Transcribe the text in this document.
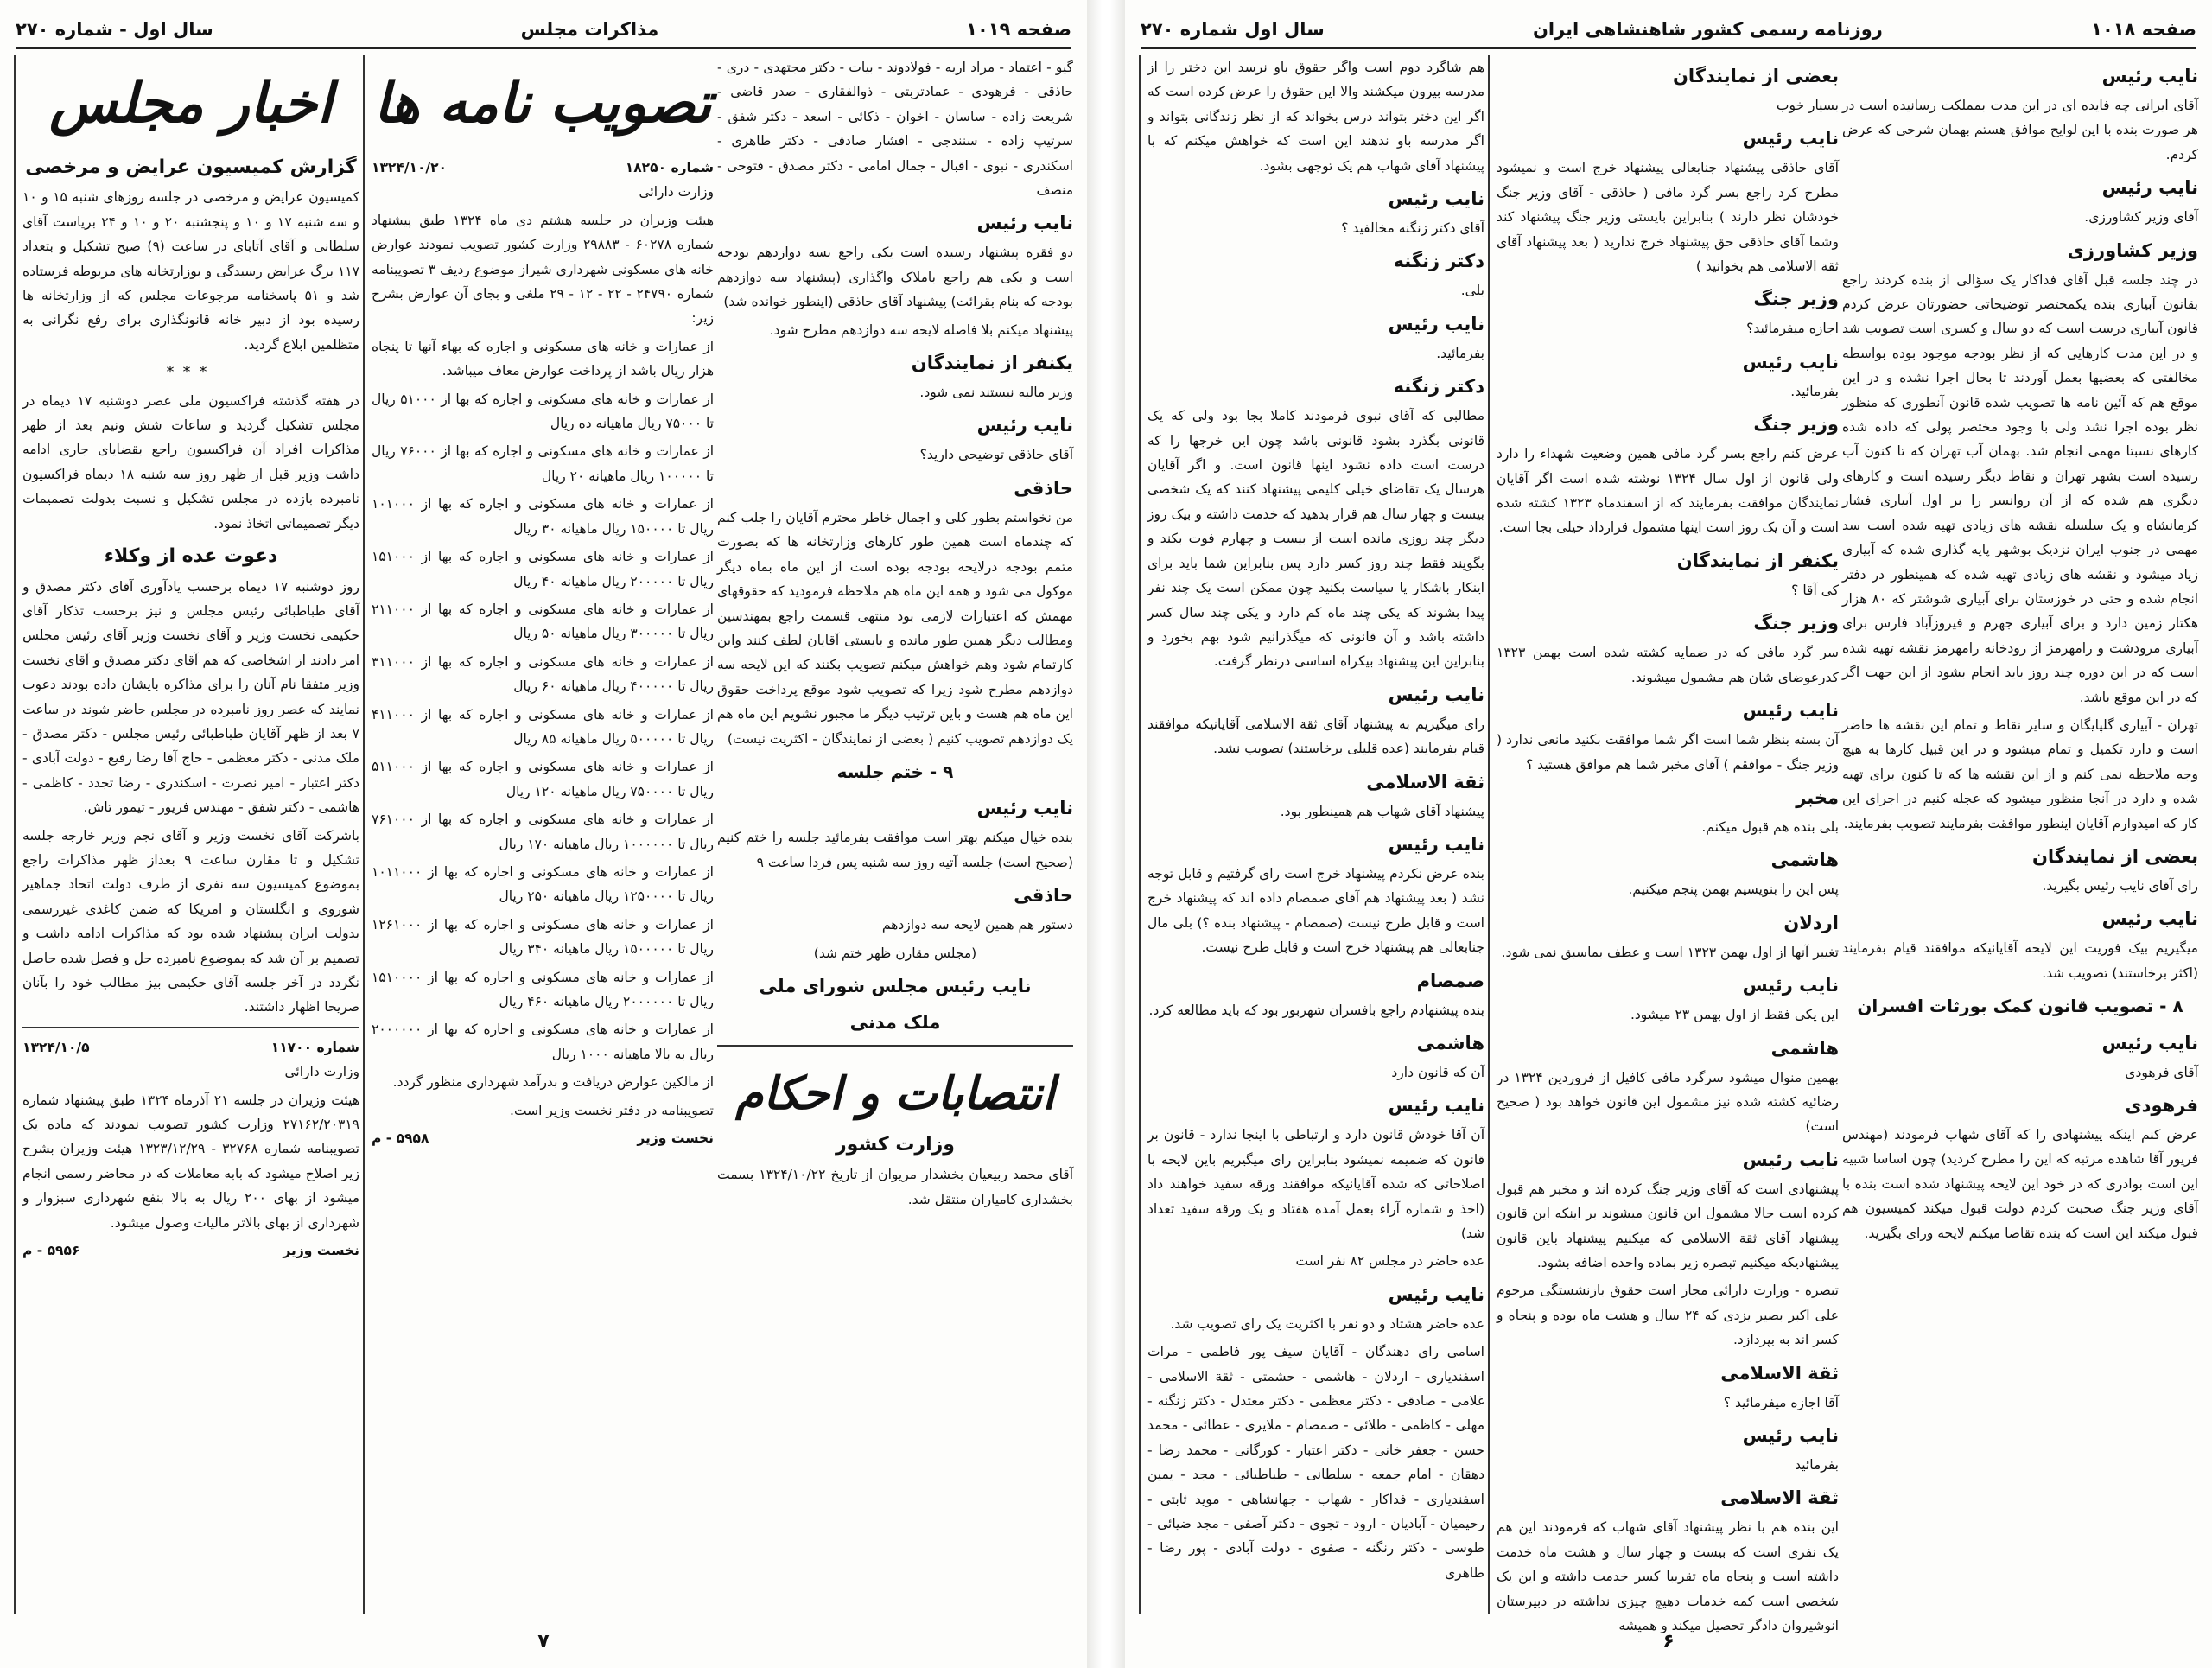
صفحه ۱۰۱۹
مذاکرات مجلس
سال اول - شماره ۲۷۰
اخبار مجلس

گزارش کمیسیون عرایض و مرخصی

کمیسیون عرایض و مرخصی در جلسه روزهای شنبه ۱۵ و ۱۰ و سه شنبه ۱۷ و ۱۰ و پنجشنبه ۲۰ و ۱۰ و ۲۴ بریاست آقای سلطانی و آقای آتابای در ساعت (۹) صبح تشکیل و بتعداد ۱۱۷ برگ عرایض رسیدگی و بوزارتخانه های مربوطه فرستاده شد و ۵۱ پاسخنامه مرجوعات مجلس که از وزارتخانه ها رسیده بود از دبیر خانه قانونگذاری برای رفع نگرانی به متظلمین ابلاغ گردید.

***

در هفته گذشته فراکسیون ملی عصر دوشنبه ۱۷ دیماه در مجلس تشکیل گردید و ساعات شش ونیم بعد از ظهر مذاکرات افراد آن فراکسیون راجع بقضایای جاری ادامه داشت وزیر قبل از ظهر روز سه شنبه ۱۸ دیماه فراکسیون نامبرده بازده در مجلس تشکیل و نسبت بدولت تصمیمات دیگر تصمیماتی اتخاذ نمود.

دعوت عده از وکلاء

روز دوشنبه ۱۷ دیماه برحسب یادآوری آقای دکتر مصدق و آقای طباطبائی رئیس مجلس و نیز برحسب تذکار آقای حکیمی نخست وزیر و آقای نخست وزیر آقای رئیس مجلس امر دادند از اشخاصی که هم آقای دکتر مصدق و آقای نخست وزیر متفقا نام آنان را برای مذاکره بایشان داده بودند دعوت نمایند که عصر روز نامبرده در مجلس حاضر شوند در ساعت ۷ بعد از ظهر آقایان طباطبائی رئیس مجلس - دکتر مصدق - ملک مدنی - دکتر معظمی - حاج آقا رضا رفیع - دولت آبادی - دکتر اعتبار - امیر نصرت - اسکندری - رضا تجدد - کاظمی - هاشمی - دکتر شفق - مهندس فریور - تیمور تاش.

باشرکت آقای نخست وزیر و آقای نجم وزیر خارجه جلسه تشکیل و تا مقارن ساعت ۹ بعداز ظهر مذاکرات راجع بموضوع کمیسیون سه نفری از طرف دولت اتحاد جماهیر شوروی و انگلستان و امریکا که ضمن کاغذی غیررسمی بدولت ایران پیشنهاد شده بود که مذاکرات ادامه داشت و تصمیم بر آن شد که بموضوع نامبرده حل و فصل شده حاصل نگردد در آخر جلسه آقای حکیمی بیز مطالب خود را بآنان صریحا اظهار داشتند.

شماره ۱۱۷۰۰
۱۳۲۴/۱۰/۵

وزارت دارائی

هیئت وزیران در جلسه ۲۱ آذرماه ۱۳۲۴ طبق پیشنهاد شماره ۲۷۱۶۲/۲۰۳۱۹ وزارت کشور تصویب نمودند که ماده یک تصویبنامه شماره ۳۲۷۶۸ - ۱۳۲۳/۱۲/۲۹ هیئت وزیران بشرح زیر اصلاح میشود که بابه معاملات که در محاضر رسمی انجام میشود از بهای ۲۰۰ ریال به بالا بنفع شهرداری سبزوار و شهرداری از بهای بالاتر مالیات وصول میشود.

نخست وزیر
۵۹۵۶ - م
تصویب نامه ها
شماره ۱۸۲۵۰
۱۳۲۴/۱۰/۲۰

وزارت دارائی

هیئت وزیران در جلسه هشتم دی ماه ۱۳۲۴ طبق پیشنهاد شماره ۶۰۲۷۸ - ۲۹۸۸۳ وزارت کشور تصویب نمودند عوارض خانه های مسکونی شهرداری شیراز موضوع ردیف ۳ تصویبنامه شماره ۲۴۷۹۰ - ۲۲ - ۱۲ - ۲۹ ملغی و بجای آن عوارض بشرح زیر:

از عمارات و خانه های مسکونی و اجاره که بهاء آنها تا پنجاه هزار ریال باشد از پرداخت عوارض معاف میباشد.

از عمارات و خانه های مسکونی و اجاره که بها از ۵۱۰۰۰ ریال تا ۷۵۰۰۰ ریال ماهیانه ده ریال

از عمارات و خانه های مسکونی و اجاره که بها از ۷۶۰۰۰ ریال تا ۱۰۰۰۰۰ ریال ماهیانه ۲۰ ریال

از عمارات و خانه های مسکونی و اجاره که بها از ۱۰۱۰۰۰ ریال تا ۱۵۰۰۰۰ ریال ماهیانه ۳۰ ریال

از عمارات و خانه های مسکونی و اجاره که بها از ۱۵۱۰۰۰ ریال تا ۲۰۰۰۰۰ ریال ماهیانه ۴۰ ریال

از عمارات و خانه های مسکونی و اجاره که بها از ۲۱۱۰۰۰ ریال تا ۳۰۰۰۰۰ ریال ماهیانه ۵۰ ریال

از عمارات و خانه های مسکونی و اجاره که بها از ۳۱۱۰۰۰ ریال تا ۴۰۰۰۰۰ ریال ماهیانه ۶۰ ریال

از عمارات و خانه های مسکونی و اجاره که بها از ۴۱۱۰۰۰ ریال تا ۵۰۰۰۰۰ ریال ماهیانه ۸۵ ریال

از عمارات و خانه های مسکونی و اجاره که بها از ۵۱۱۰۰۰ ریال تا ۷۵۰۰۰۰ ریال ماهیانه ۱۲۰ ریال

از عمارات و خانه های مسکونی و اجاره که بها از ۷۶۱۰۰۰ ریال تا ۱۰۰۰۰۰۰ ریال ماهیانه ۱۷۰ ریال

از عمارات و خانه های مسکونی و اجاره که بها از ۱۰۱۱۰۰۰ ریال تا ۱۲۵۰۰۰۰ ریال ماهیانه ۲۵۰ ریال

از عمارات و خانه های مسکونی و اجاره که بها از ۱۲۶۱۰۰۰ ریال تا ۱۵۰۰۰۰۰ ریال ماهیانه ۳۴۰ ریال

از عمارات و خانه های مسکونی و اجاره که بها از ۱۵۱۰۰۰۰ ریال تا ۲۰۰۰۰۰۰ ریال ماهیانه ۴۶۰ ریال

از عمارات و خانه های مسکونی و اجاره که بها از ۲۰۰۰۰۰۰ ریال به بالا ماهیانه ۱۰۰۰ ریال

از مالکین عوارض دریافت و بدرآمد شهرداری منظور گردد.

تصویبنامه در دفتر نخست وزیر است.

نخست وزیر
۵۹۵۸ - م

گیو - اعتماد - مراد اریه - فولادوند - بیات - دکتر مجتهدی - دری - حاذقی - فرهودی - عمادتربتی - ذوالفقاری - صدر قاضی - شریعت زاده - ساسان - اخوان - ذکائی - اسعد - دکتر شفق - سرتیپ زاده - سنندجی - افشار صادقی - دکتر طاهری - اسکندری - نبوی - اقبال - جمال امامی - دکتر مصدق - فتوحی - منصف

نایب رئیس

دو فقره پیشنهاد رسیده است یکی راجع بسه دوازدهم بودجه است و یکی هم راجع باملاک واگذاری (پیشنهاد سه دوازدهم بودجه که بنام بقرائت) پیشنهاد آقای حاذقی (اینطور خوانده شد)

پیشنهاد میکنم بلا فاصله لایحه سه دوازدهم مطرح شود.

یکنفر از نمایندگان

وزیر مالیه نیستند نمی شود.

نایب رئیس

آقای حاذقی توضیحی دارید؟

حاذقی

من نخواستم بطور کلی و اجمال خاطر محترم آقایان را جلب کنم که چندماه است همین طور کارهای وزارتخانه ها که بصورت متمم بودجه درلایحه بودجه بوده است از این ماه بماه دیگر موکول می شود و همه این ماه هم ملاحظه فرمودید که حقوقهای مهمش که اعتبارات لازمی بود منتهی قسمت راجع بمهندسین ومطالب دیگر همین طور مانده و بایستی آقایان لطف کنند واین کارتمام شود وهم خواهش میکنم تصویب بکنند که این لایحه سه دوازدهم مطرح شود زیرا که تصویب شود موقع پرداخت حقوق این ماه هم هست و باین ترتیب دیگر ما مجبور نشویم این ماه هم یک دوازدهم تصویب کنیم ( بعضی از نمایندگان - اکثریت نیست)

۹ - ختم جلسه

نایب رئیس

بنده خیال میکنم بهتر است موافقت بفرمائید جلسه را ختم کنیم (صحیح است) جلسه آتیه روز سه شنبه پس فردا ساعت ۹

حاذقی

دستور هم همین لایحه سه دوازدهم

(مجلس مقارن ظهر ختم شد)

نایب رئیس مجلس شورای ملی

ملک مدنی

انتصابات و احکام

وزارت کشور

آقای محمد ربیعیان بخشدار مریوان از تاریخ ۱۳۲۴/۱۰/۲۲ بسمت بخشداری کامیاران منتقل شد.

۷
صفحه ۱۰۱۸
روزنامه رسمی کشور شاهنشاهی ایران
سال اول شماره ۲۷۰

هم شاگرد دوم است واگر حقوق باو نرسد این دختر را از مدرسه بیرون میکشند والا این حقوق را عرض کرده است که اگر این دختر بتواند درس بخواند که از نظر زندگانی بتواند و اگر مدرسه باو ندهند این است که خواهش میکنم که با پیشنهاد آقای شهاب هم یک توجهی بشود.

نایب رئیس

آقای دکتر زنگنه مخالفید ؟

دکتر زنگنه

بلی.

نایب رئیس

بفرمائید.

دکتر زنگنه

مطالبی که آقای نبوی فرمودند کاملا بجا بود ولی که یک قانونی بگذرد بشود قانونی باشد چون این خرجها را که درست است داده نشود اینها قانون است. و اگر آقایان هرسال یک تقاضای خیلی کلیمی پیشنهاد کنند که یک شخصی بیست و چهار سال هم قرار بدهید که خدمت داشته و بیک روز دیگر چند روزی مانده است از بیست و چهارم فوت بکند و بگویند فقط چند روز کسر دارد پس بنابراین شما باید برای اینکار باشکار یا سیاست بکنید چون ممکن است یک چند نفر پیدا بشوند که یکی چند ماه کم دارد و یکی چند سال کسر داشته باشد و آن قانونی که میگذرانیم شود بهم بخورد و بنابراین این پیشنهاد بیکراه اساسی درنظر گرفت.

نایب رئیس

رای میگیریم به پیشنهاد آقای ثقة الاسلامی آقایانیکه موافقند قیام بفرمایند (عده قلیلی برخاستند) تصویب نشد.

ثقة الاسلامی

پیشنهاد آقای شهاب هم همینطور بود.

نایب رئیس

بنده عرض نکردم پیشنهاد خرج است رای گرفتیم و قابل توجه نشد ( بعد پیشنهاد هم آقای صمصام داده اند که پیشنهاد خرج است و قابل طرح نیست (صمصام - پیشنهاد بنده ؟) بلی مال جنابعالی هم پیشنهاد خرج است و قابل طرح نیست.

صمصام

بنده پیشنهادم راجع بافسران شهربور بود که باید مطالعه کرد.

هاشمی

آن که قانون دارد

نایب رئیس

آن آقا خودش قانون دارد و ارتباطی با اینجا ندارد - قانون بر قانون که ضمیمه نمیشود بنابراین رای میگیریم باین لایحه با اصلاحاتی که شده آقایانیکه موافقند ورقه سفید خواهند داد (اخذ و شماره آراء بعمل آمده هفتاد و یک ورقه سفید تعداد شد)

عده حاضر در مجلس ۸۲ نفر است

نایب رئیس

عده حاضر هشتاد و دو نفر با اکثریت یک رای تصویب شد.

اسامی رای دهندگان - آقایان سیف پور فاطمی - مرات اسفندیاری - اردلان - هاشمی - حشمتی - ثقة الاسلامی - غلامی - صادقی - دکتر معظمی - دکتر معتدل - دکتر زنگنه - مهلی - کاظمی - طلائی - صمصام - ملایری - عطائی - محمد حسن - جعفر خانی - دکتر اعتبار - کورگانی - محمد رضا - دهقان - امام جمعه - سلطانی - طباطبائی - مجد - یمین اسفندیاری - فداکار - شهاب - جهانشاهی - موید ثابتی - رحیمیان - آبادیان - ارود - تجوی - دکتر آصفی - مجد ضیائی - طوسی - دکتر رنگنه - صفوی - دولت آبادی - پور رضا - طاهری

بعضی از نمایندگان

بسیار خوب

نایب رئیس

آقای حاذقی پیشنهاد جنابعالی پیشنهاد خرج است و نمیشود مطرح کرد راجع بسر گرد مافی ( حاذقی - آقای وزیر جنگ خودشان نظر دارند ) بنابراین بایستی وزیر جنگ پیشنهاد کند وشما آقای حاذقی حق پیشنهاد خرج ندارید ( بعد پیشنهاد آقای ثقة الاسلامی هم بخوانید )

وزیر جنگ

اجازه میفرمائید؟

نایب رئیس

بفرمائید.

وزیر جنگ

عرض کنم راجع بسر گرد مافی همین وضعیت شهداء را دارد ولی قانون از اول سال ۱۳۲۴ نوشته شده است اگر آقایان نمایندگان موافقت بفرمایند که از اسفندماه ۱۳۲۳ کشته شده است و آن یک روز است اینها مشمول قرارداد خیلی بجا است.

یکنفر از نمایندگان

کی آقا ؟

وزیر جنگ

سر گرد مافی که در ضمایه کشته شده است بهمن ۱۳۲۳ کدرعوضای شان هم مشمول میشوند.

نایب رئیس

آن بسته بنظر شما است اگر شما موافقت بکنید مانعی ندارد ( وزیر جنگ - موافقم ) آقای مخبر شما هم موافق هستید ؟

مخبر

بلی بنده هم قبول میکنم.

هاشمی

پس این را بنویسیم بهمن پنجم میکنیم.

اردلان

تغییر آنها از اول بهمن ۱۳۲۳ است و عطف بماسبق نمی شود.

نایب رئیس

این یکی فقط از اول بهمن ۲۳ میشود.

هاشمی

بهمین منوال میشود سرگرد مافی کافیل از فروردین ۱۳۲۴ در رضائیه کشته شده نیز مشمول این قانون خواهد بود ( صحیح است)

نایب رئیس

پیشنهادی است که آقای وزیر جنگ کرده اند و مخبر هم قبول کرده است حالا مشمول این قانون میشوند بر اینکه این قانون پیشنهاد آقای ثقة الاسلامی که میکنیم پیشنهاد باین قانون پیشنهادیکه میکنیم تبصره زیر بماده واحده اضافه بشود.

تبصره - وزارت دارائی مجاز است حقوق بازنشستگی مرحوم علی اکبر بصیر یزدی که ۲۴ سال و هشت ماه بوده و پنجاه و کسر اند به بپردازد.

ثقة الاسلامی

آقا اجازه میفرمائید ؟

نایب رئیس

بفرمائید

ثقة الاسلامی

این بنده هم با نظر پیشنهاد آقای شهاب که فرمودند این هم یک نفری است که بیست و چهار سال و هشت ماه خدمت داشته است و پنجاه ماه تقریبا کسر خدمت داشته و این یک شخصی است کمه خدمات دهیچ چیزی نداشته در دبیرستان انوشیروان دادگر تحصیل میکند و همیشه

نایب رئیس

آقای ایرانی چه فایده ای در این مدت بمملکت رسانیده است در هر صورت بنده با این لوایح موافق هستم بهمان شرحی که عرض کردم.

نایب رئیس

آقای وزیر کشاورزی.

وزیر کشاورزی

در چند جلسه قبل آقای فداکار یک سؤالی از بنده کردند راجع بقانون آبیاری بنده یکمختصر توضیحاتی حضورتان عرض کردم قانون آبیاری درست است که دو سال و کسری است تصویب شد و در این مدت کارهایی که از نظر بودجه موجود بوده بواسطه مخالفتی که بعضیها بعمل آوردند تا بحال اجرا نشده و در این موقع هم که آئین نامه ها تصویب شده قانون آنطوری که منظور نظر بوده اجرا نشد ولی با وجود مختصر پولی که داده شده کارهای نسبتا مهمی انجام شد. بهمان آب تهران که تا کنون آب رسیده است بشهر تهران و نقاط دیگر رسیده است و کارهای دیگری هم شده که از آن روانسر را بر اول آبیاری فشار کرمانشاه و یک سلسله نقشه های زیادی تهیه شده است سد مهمی در جنوب ایران نزدیک بوشهر پایه گذاری شده که آبیاری زیاد میشود و نقشه های زیادی تهیه شده که همینطور در دفتر انجام شده و حتی در خوزستان برای آبیاری شوشتر که ۸۰ هزار هکتار زمین دارد و برای آبیاری جهرم و فیروزآباد فارس برای آبیاری مرودشت و رامهرمز از رودخانه رامهرمز نقشه تهیه شده است که در این دوره چند روز باید انجام بشود از این جهت اگر که در این موقع باشد.

تهران - آبیاری گلپایگان و سایر نقاط و تمام این نقشه ها حاضر است و دارد تکمیل و تمام میشود و در این قبیل کارها به هیچ وجه ملاحظه نمی کنم و از این نقشه ها که تا کنون برای تهیه شده و دارد در آنجا منظور میشود که عجله کنیم در اجرای این کار که امیدوارم آقایان اینطور موافقت بفرمایند تصویب بفرمایند.

بعضی از نمایندگان

رای آقای نایب رئیس بگیرید.

نایب رئیس

میگیریم بیک فوریت این لایحه آقایانیکه موافقند قیام بفرمایند (اکثر برخاستند) تصویب شد.

۸ - تصویب قانون کمک بورثات افسران

نایب رئیس

آقای فرهودی

فرهودی

عرض کنم اینکه پیشنهادی را که آقای شهاب فرمودند (مهندس فریور آقا شاهده مرتبه که این را مطرح کردید) چون اساسا شبیه این است بوادری که در خود این لایحه پیشنهاد شده است بنده با آقای وزیر جنگ صحبت کردم دولت قبول میکند کمیسیون هم قبول میکند این است که بنده تقاضا میکنم لایحه ورای بگیرید.

۶
